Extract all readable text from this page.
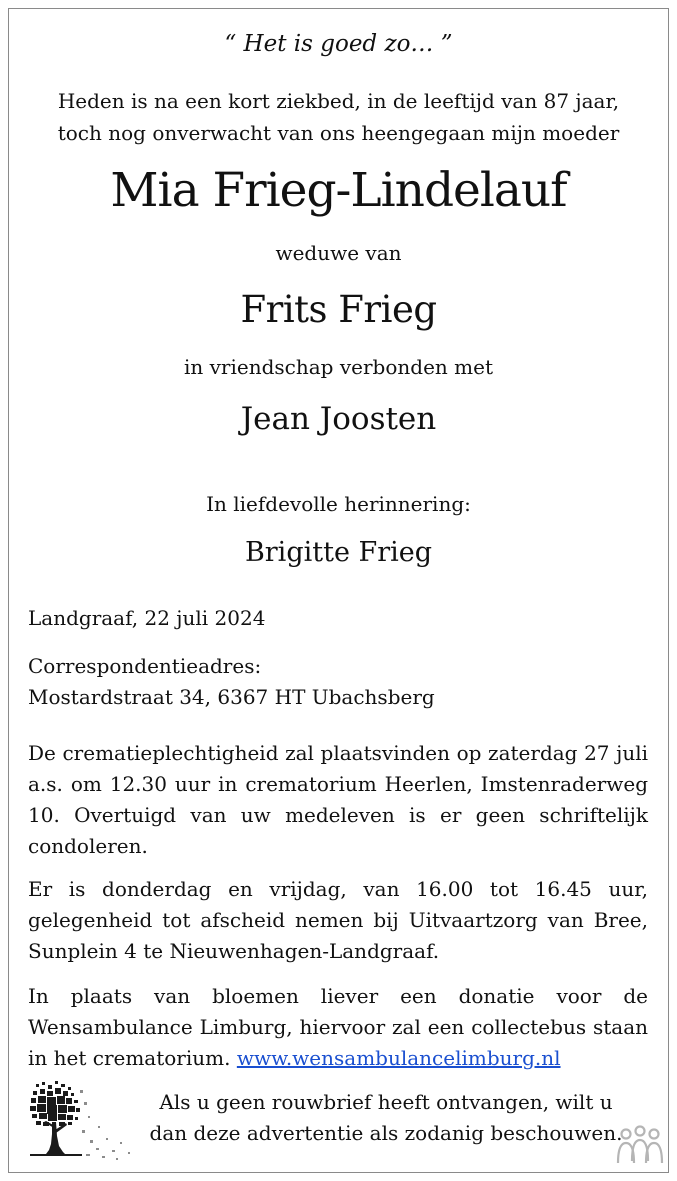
“ Het is goed zo… ”
Heden is na een kort ziekbed, in de leeftijd van 87 jaar,
toch nog onverwacht van ons heengegaan mijn moeder
Mia Frieg-Lindelauf
weduwe van
Frits Frieg
in vriendschap verbonden met
Jean Joosten
In liefdevolle herinnering:
Brigitte Frieg
Landgraaf, 22 juli 2024
Correspondentieadres:
Mostardstraat 34, 6367 HT Ubachsberg
De crematieplechtigheid zal plaatsvinden op zaterdag 27 juli a.s. om 12.30 uur in crematorium Heerlen, Imstenraderweg 10. Overtuigd van uw medeleven is er geen schriftelijk condoleren.
Er is donderdag en vrijdag, van 16.00 tot 16.45 uur, gelegenheid tot afscheid nemen bij Uitvaartzorg van Bree, Sunplein 4 te Nieuwenhagen-Landgraaf.
In plaats van bloemen liever een donatie voor de Wensambulance Limburg, hiervoor zal een collectebus staan in het crematorium. www.wensambulancelimburg.nl
Als u geen rouwbrief heeft ontvangen, wilt u
dan deze advertentie als zodanig beschouwen.
